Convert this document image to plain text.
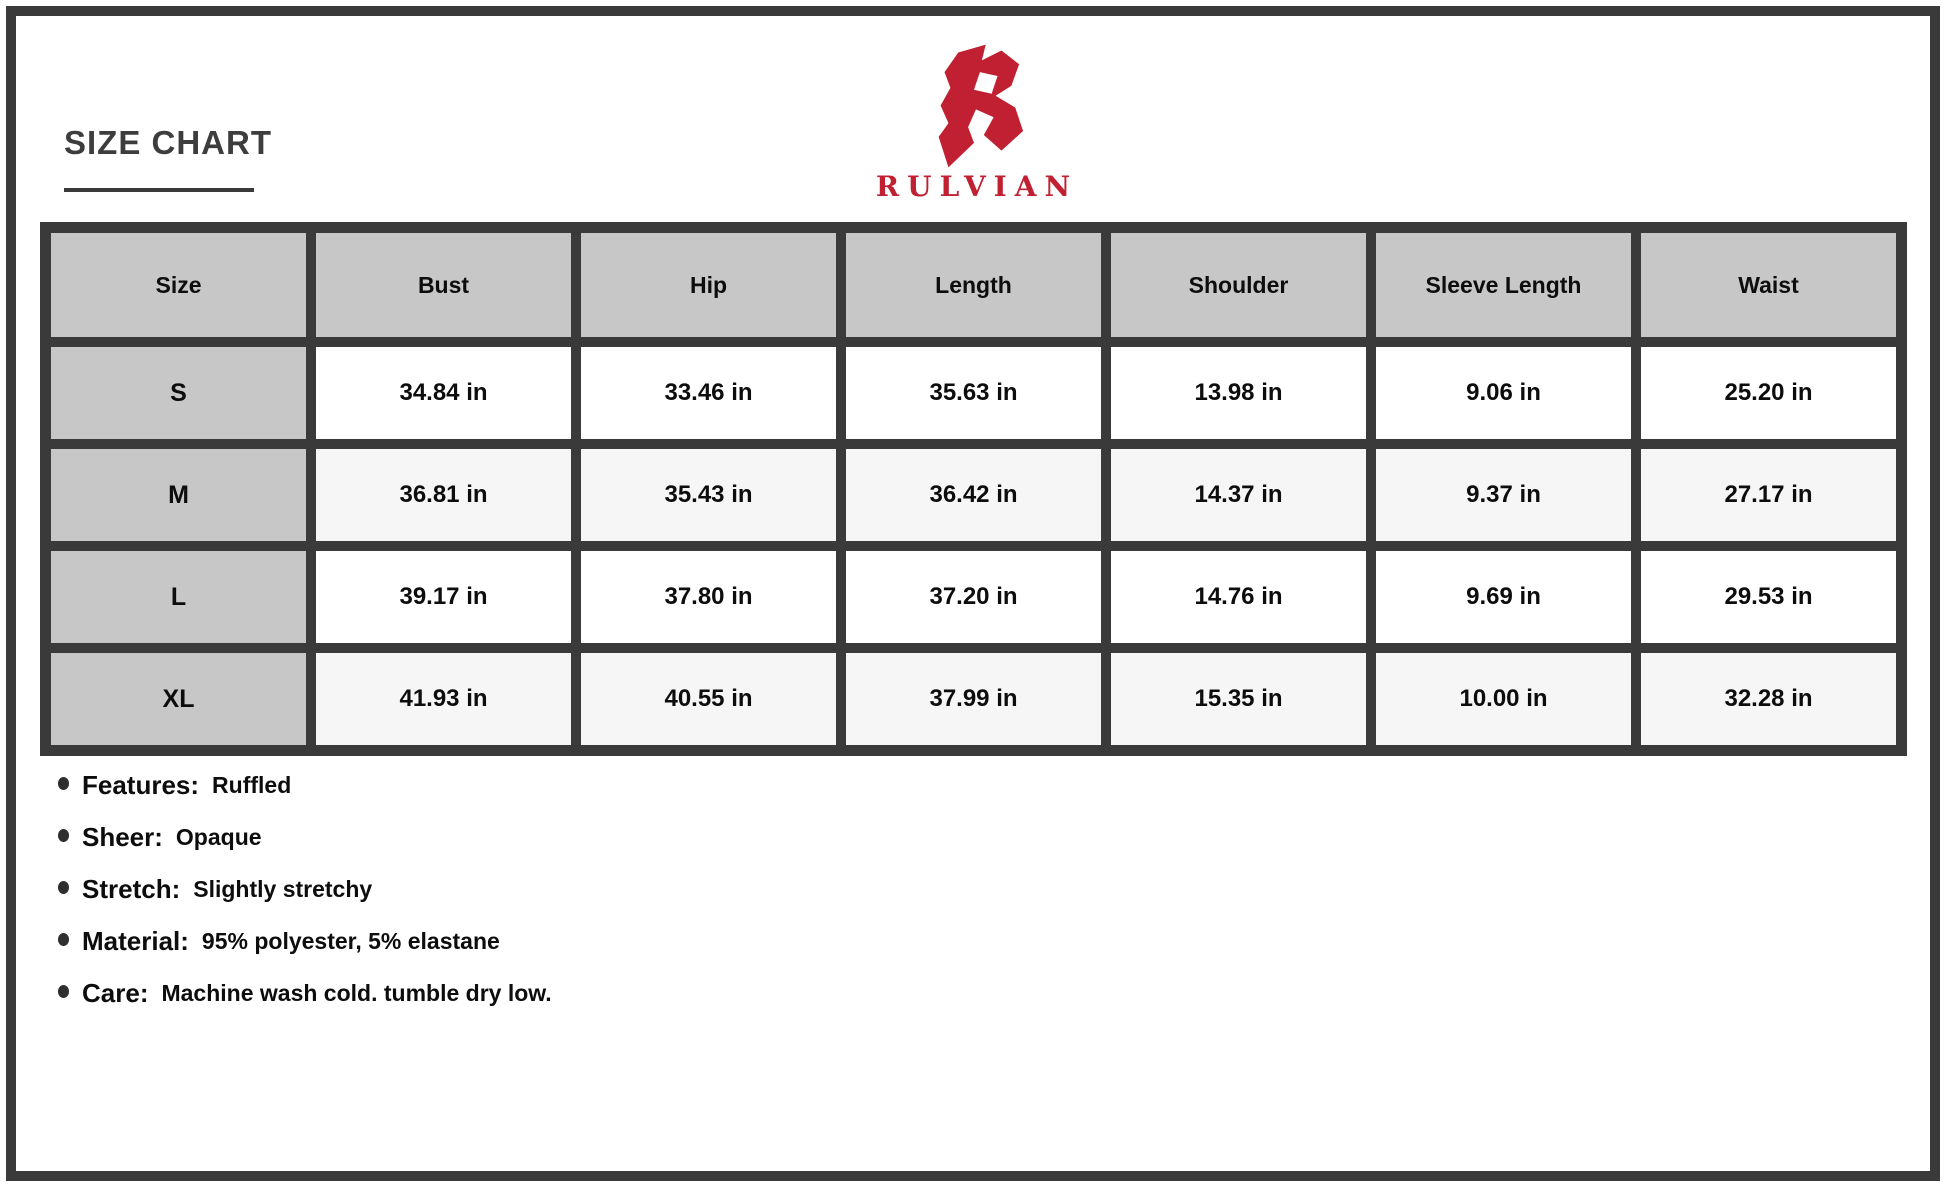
SIZE CHART
RULVIAN
Size	Bust	Hip	Length	Shoulder	Sleeve Length	Waist
S	34.84 in	33.46 in	35.63 in	13.98 in	9.06 in	25.20 in
M	36.81 in	35.43 in	36.42 in	14.37 in	9.37 in	27.17 in
L	39.17 in	37.80 in	37.20 in	14.76 in	9.69 in	29.53 in
XL	41.93 in	40.55 in	37.99 in	15.35 in	10.00 in	32.28 in
Features: Ruffled
Sheer: Opaque
Stretch: Slightly stretchy
Material: 95% polyester, 5% elastane
Care: Machine wash cold. tumble dry low.
